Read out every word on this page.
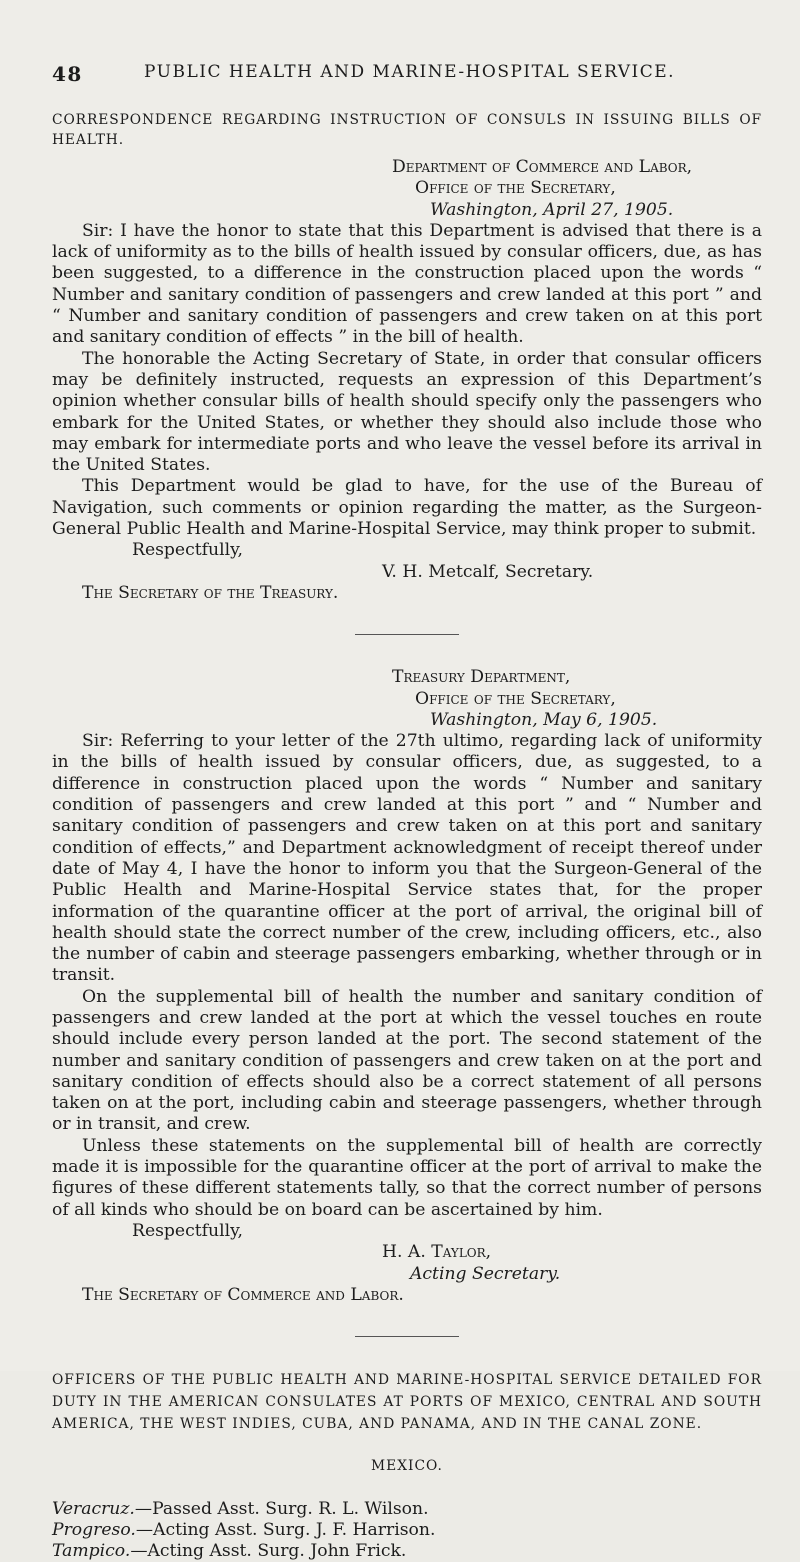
48	PUBLIC HEALTH AND MARINE-HOSPITAL SERVICE.

CORRESPONDENCE REGARDING INSTRUCTION OF CONSULS IN ISSUING BILLS OF HEALTH.

Department of Commerce and Labor,

Office of the Secretary,

Washington, April 27, 1905.

Sir: I have the honor to state that this Department is advised that there is a lack of uniformity as to the bills of health issued by consular officers, due, as has been suggested, to a difference in the construction placed upon the words “ Number and sanitary condition of passengers and crew landed at this port ” and “ Number and sanitary condition of passengers and crew taken on at this port and sanitary condition of effects ” in the bill of health.

The honorable the Acting Secretary of State, in order that consular officers may be definitely instructed, requests an expression of this Department’s opinion whether consular bills of health should specify only the passengers who embark for the United States, or whether they should also include those who may embark for intermediate ports and who leave the vessel before its arrival in the United States.

This Department would be glad to have, for the use of the Bureau of Navigation, such comments or opinion regarding the matter, as the Surgeon-General Public Health and Marine-Hospital Service, may think proper to submit.

Respectfully,

V. H. Metcalf, Secretary.

The Secretary of the Treasury.

Treasury Department,

Office of the Secretary,

Washington, May 6, 1905.

Sir: Referring to your letter of the 27th ultimo, regarding lack of uniformity in the bills of health issued by consular officers, due, as suggested, to a difference in construction placed upon the words “ Number and sanitary condition of passengers and crew landed at this port ” and “ Number and sanitary condition of passengers and crew taken on at this port and sanitary condition of effects,” and Department acknowledgment of receipt thereof under date of May 4, I have the honor to inform you that the Surgeon-General of the Public Health and Marine-Hospital Service states that, for the proper information of the quarantine officer at the port of arrival, the original bill of health should state the correct number of the crew, including officers, etc., also the number of cabin and steerage passengers embarking, whether through or in transit.

On the supplemental bill of health the number and sanitary condition of passengers and crew landed at the port at which the vessel touches en route should include every person landed at the port. The second statement of the number and sanitary condition of passengers and crew taken on at the port and sanitary condition of effects should also be a correct statement of all persons taken on at the port, including cabin and steerage passengers, whether through or in transit, and crew.

Unless these statements on the supplemental bill of health are correctly made it is impossible for the quarantine officer at the port of arrival to make the figures of these different statements tally, so that the correct number of persons of all kinds who should be on board can be ascertained by him.

Respectfully,

H. A. Taylor,

Acting Secretary.

The Secretary of Commerce and Labor.

OFFICERS OF THE PUBLIC HEALTH AND MARINE-HOSPITAL SERVICE DETAILED FOR DUTY IN THE AMERICAN CONSULATES AT PORTS OF MEXICO, CENTRAL AND SOUTH AMERICA, THE WEST INDIES, CUBA, AND PANAMA, AND IN THE CANAL ZONE.

MEXICO.

Veracruz.—Passed Asst. Surg. R. L. Wilson.

Progreso.—Acting Asst. Surg. J. F. Harrison.

Tampico.—Acting Asst. Surg. John Frick.
